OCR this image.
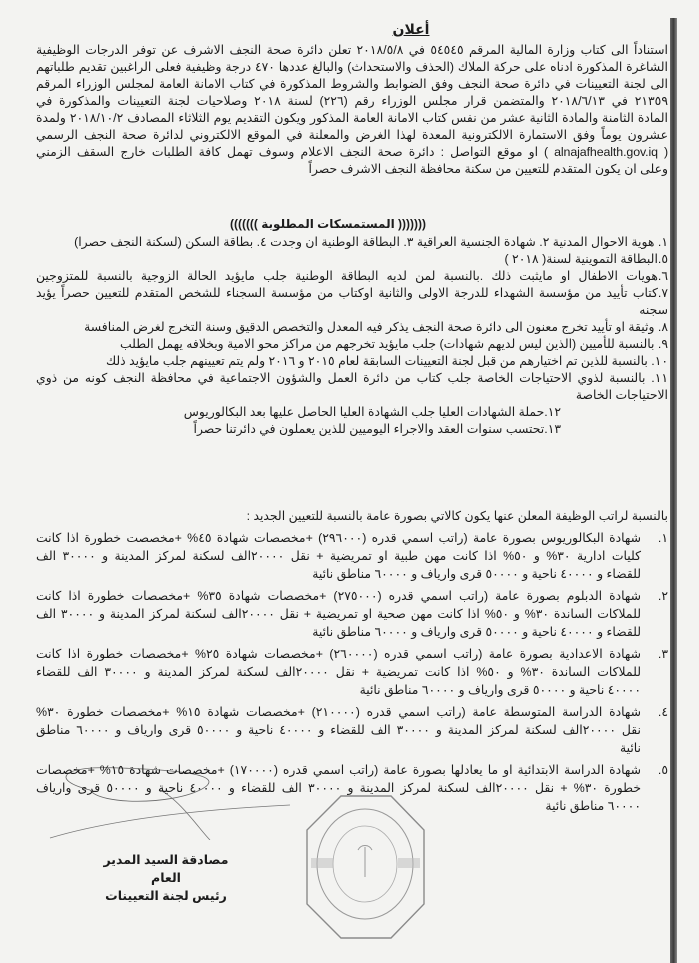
أعلان
استناداً الى كتاب وزارة المالية المرقم ٥٤٥٤٥ في ٢٠١٨/٥/٨ تعلن دائرة صحة النجف الاشرف عن توفر الدرجات الوظيفية
الشاغرة المذكورة ادناه على حركة الملاك (الحذف والاستحداث) والبالغ عددها ٤٧٠ درجة وظيفية فعلى الراغبين تقديم طلباتهم
الى لجنة التعيينات في دائرة صحة النجف وفق الضوابط والشروط المذكورة في كتاب الامانة العامة لمجلس الوزراء المرقم
٢١٣٥٩ في ٢٠١٨/٦/١٣ والمتضمن قرار مجلس الوزراء رقم (٢٢٦) لسنة ٢٠١٨ وصلاحيات لجنة التعيينات والمذكورة في
المادة الثامنة والمادة الثانية عشر من نفس كتاب الامانة العامة المذكور ويكون التقديم يوم الثلاثاء المصادف ٢٠١٨/١٠/٢ ولمدة
عشرون يوماً وفق الاستمارة الالكترونية المعدة لهذا الغرض والمعلنة في الموقع الالكتروني لدائرة صحة النجف الرسمي
( alnajafhealth.gov.iq ) او موقع التواصل : دائرة صحة النجف الاعلام وسوف تهمل كافة الطلبات خارج السقف الزمني
وعلى ان يكون المتقدم للتعيين من سكنة محافظة النجف الاشرف حصراً
((((((( المستمسكات المطلوبة )))))))
١. هوية الاحوال المدنية ٢. شهادة الجنسية العراقية ٣. البطاقة الوطنية ان وجدت ٤. بطاقة السكن (لسكنة النجف حصرا)
٥.البطاقة التموينية لسنة( ٢٠١٨ )
٦.هويات الاطفال او مايثبت ذلك .بالنسبة لمن لديه البطاقة الوطنية جلب مايؤيد الحالة الزوجية بالنسبة للمتزوجين
٧.كتاب تأييد من مؤسسة الشهداء للدرجة الاولى والثانية اوكتاب من مؤسسة السجناء للشخص المتقدم للتعيين حصراً يؤيد سجنه
٨. وثيقة او تأييد تخرج معنون الى دائرة صحة النجف يذكر فيه المعدل والتخصص الدقيق وسنة التخرج لغرض المنافسة
٩. بالنسبة للأميين (الذين ليس لديهم شهادات) جلب مايؤيد تخرجهم من مراكز محو الامية وبخلافه يهمل الطلب
١٠. بالنسبة للذين تم اختيارهم من قبل لجنة التعيينات السابقة لعام ٢٠١٥ و ٢٠١٦ ولم يتم تعيينهم جلب مايؤيد ذلك
١١. بالنسبة لذوي الاحتياجات الخاصة جلب كتاب من دائرة العمل والشؤون الاجتماعية في محافظة النجف كونه من ذوي
الاحتياجات الخاصة
١٢.حملة الشهادات العليا جلب الشهادة العليا الحاصل عليها بعد البكالوريوس
١٣.تحتسب سنوات العقد والاجراء اليوميين للذين يعملون في دائرتنا حصراً
بالنسبة لراتب الوظيفة المعلن عنها يكون كالاتي بصورة عامة بالنسبة للتعيين الجديد :
١.
شهادة البكالوريوس بصورة عامة (راتب اسمي قدره (٢٩٦٠٠٠) +مخصصات شهادة ٤٥% +مخصصت خطورة اذا كانت
كليات ادارية ٣٠% و ٥٠% اذا كانت مهن طبية او تمريضية + نقل ٢٠٠٠٠الف لسكنة لمركز المدينة و ٣٠٠٠٠ الف
للقضاء و ٤٠٠٠٠ ناحية و ٥٠٠٠٠ قرى وارياف و ٦٠٠٠٠ مناطق نائية
٢.
شهادة الدبلوم بصورة عامة (راتب اسمي قدره (٢٧٥٠٠٠) +مخصصات شهادة ٣٥% +مخصصات خطورة اذا كانت
للملاكات الساندة ٣٠% و ٥٠% اذا كانت مهن صحية او تمريضية + نقل ٢٠٠٠٠الف لسكنة لمركز المدينة و ٣٠٠٠٠ الف
للقضاء و ٤٠٠٠٠ ناحية و ٥٠٠٠٠ قرى وارياف و ٦٠٠٠٠ مناطق نائية
٣.
شهادة الاعدادية بصورة عامة (راتب اسمي قدره (٢٦٠٠٠٠) +مخصصات شهادة ٢٥% +مخصصات خطورة اذا كانت
للملاكات الساندة ٣٠% و ٥٠% اذا كانت تمريضية + نقل ٢٠٠٠٠الف لسكنة لمركز المدينة و ٣٠٠٠٠ الف للقضاء
٤٠٠٠٠ ناحية و ٥٠٠٠٠ قرى وارياف و ٦٠٠٠٠ مناطق نائية
٤.
شهادة الدراسة المتوسطة عامة (راتب اسمي قدره (٢١٠٠٠٠) +مخصصات شهادة ١٥% +مخصصات خطورة ٣٠%
نقل ٢٠٠٠٠الف لسكنة لمركز المدينة و ٣٠٠٠٠ الف للقضاء و ٤٠٠٠٠ ناحية و ٥٠٠٠٠ قرى وارياف و ٦٠٠٠٠ مناطق
نائية
٥.
شهادة الدراسة الابتدائية او ما يعادلها بصورة عامة (راتب اسمي قدره (١٧٠٠٠٠) +مخصصات شهادة ١٥% +مخصصات
خطورة ٣٠% + نقل ٢٠٠٠٠الف لسكنة لمركز المدينة و ٣٠٠٠٠ الف للقضاء و ٤٠٠٠٠ ناحية و ٥٠٠٠٠ قرى وارياف
٦٠٠٠٠ مناطق نائية
مصادقة السيد المدير العام
رئيس لجنة التعيينات
